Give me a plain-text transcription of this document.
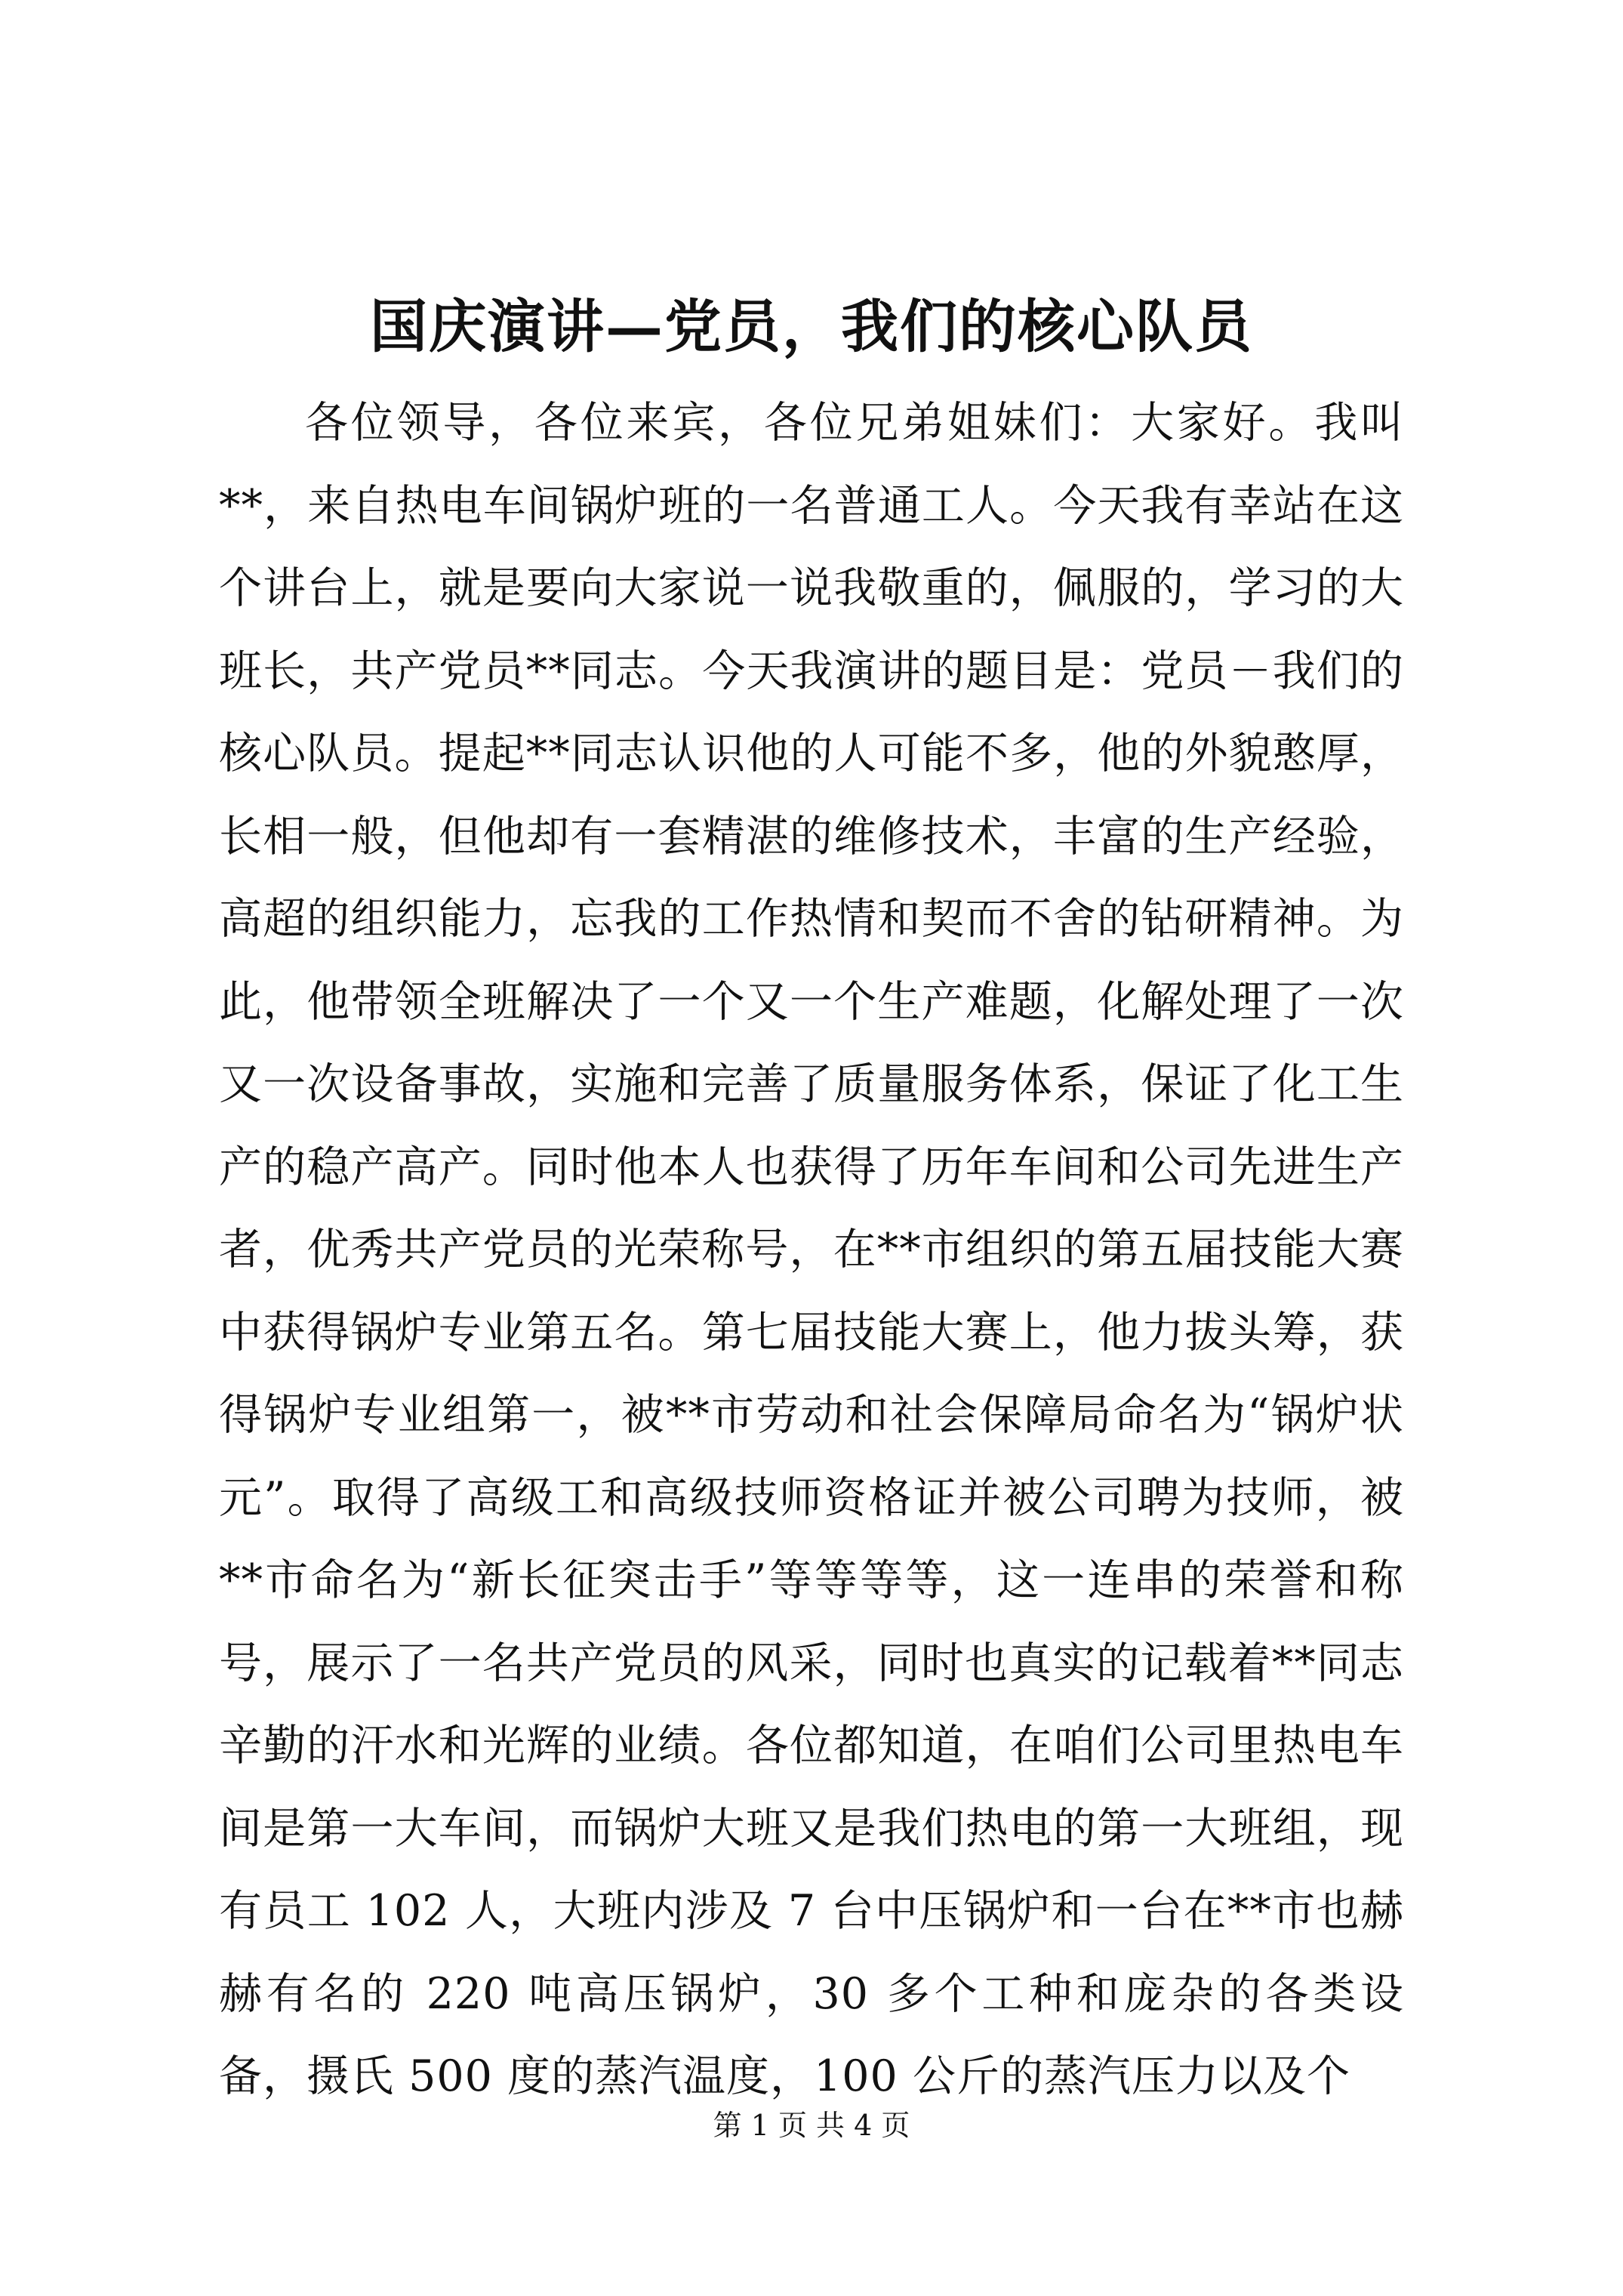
国庆演讲—党员，我们的核心队员

各位领导，各位来宾，各位兄弟姐妹们：大家好。我叫**，来自热电车间锅炉班的一名普通工人。今天我有幸站在这个讲台上，就是要向大家说一说我敬重的，佩服的，学习的大班长，共产党员**同志。今天我演讲的题目是：党员－我们的核心队员。提起**同志认识他的人可能不多，他的外貌憨厚，长相一般，但他却有一套精湛的维修技术，丰富的生产经验，高超的组织能力，忘我的工作热情和契而不舍的钻研精神。为此，他带领全班解决了一个又一个生产难题，化解处理了一次又一次设备事故，实施和完善了质量服务体系，保证了化工生产的稳产高产。同时他本人也获得了历年车间和公司先进生产者，优秀共产党员的光荣称号，在**市组织的第五届技能大赛中获得锅炉专业第五名。第七届技能大赛上，他力拔头筹，获得锅炉专业组第一，被**市劳动和社会保障局命名为“锅炉状元”。取得了高级工和高级技师资格证并被公司聘为技师，被**市命名为“新长征突击手”等等等等，这一连串的荣誉和称号，展示了一名共产党员的风采，同时也真实的记载着**同志辛勤的汗水和光辉的业绩。各位都知道，在咱们公司里热电车间是第一大车间，而锅炉大班又是我们热电的第一大班组，现有员工 102 人，大班内涉及 7 台中压锅炉和一台在**市也赫赫有名的 220 吨高压锅炉，30 多个工种和庞杂的各类设备，摄氏 500 度的蒸汽温度，100 公斤的蒸汽压力以及个

第 1 页 共 4 页
